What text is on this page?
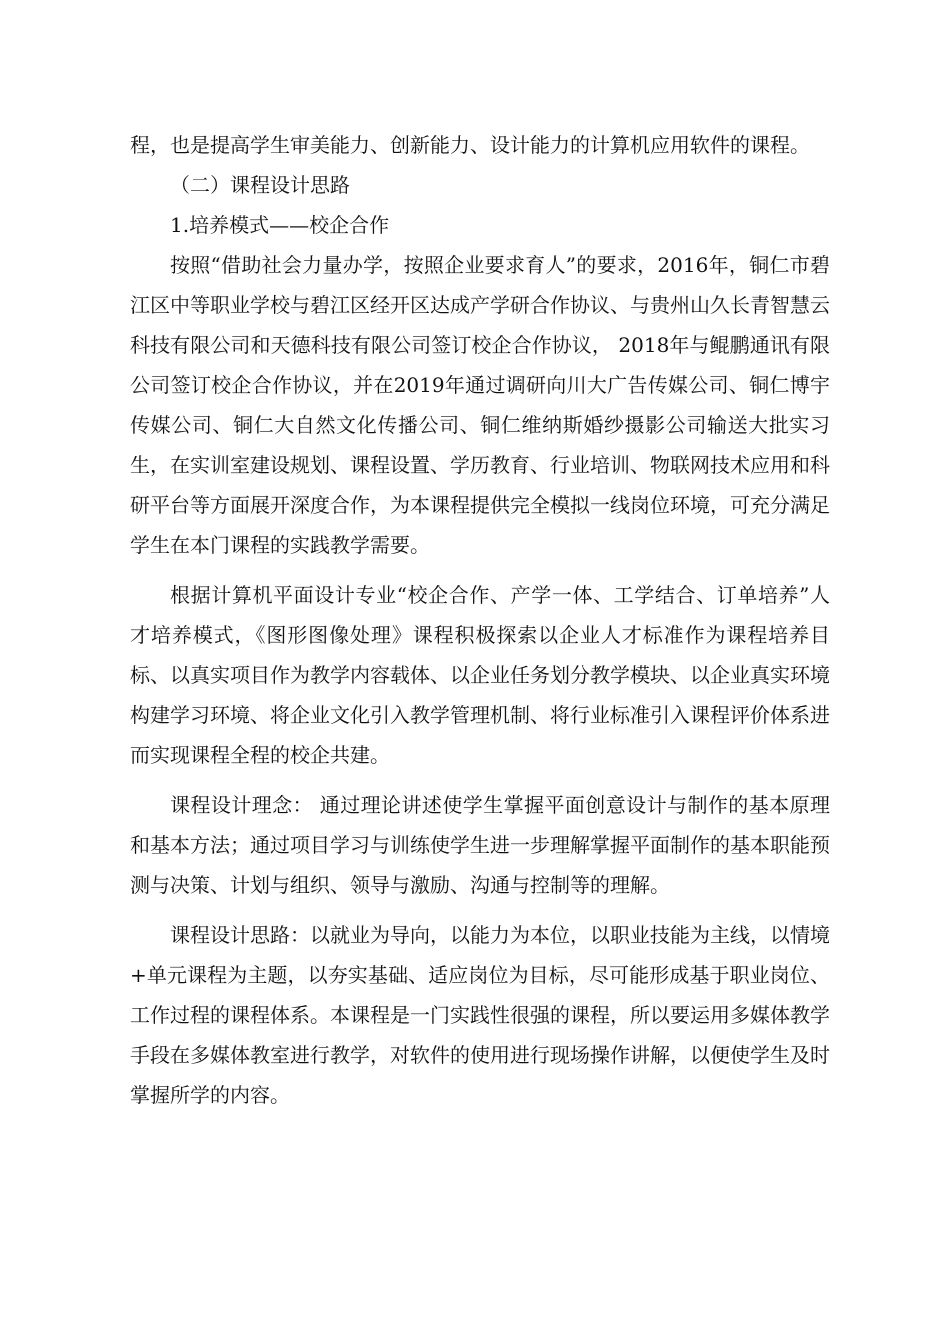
程，也是提高学生审美能力、创新能力、设计能力的计算机应用软件的课程。

（二）课程设计思路

1.培养模式——校企合作

按照“借助社会力量办学，按照企业要求育人”的要求，2016年，铜仁市碧江区中等职业学校与碧江区经开区达成产学研合作协议、与贵州山久长青智慧云科技有限公司和天德科技有限公司签订校企合作协议， 2018年与鲲鹏通讯有限公司签订校企合作协议，并在2019年通过调研向川大广告传媒公司、铜仁博宇传媒公司、铜仁大自然文化传播公司、铜仁维纳斯婚纱摄影公司输送大批实习生，在实训室建设规划、课程设置、学历教育、行业培训、物联网技术应用和科研平台等方面展开深度合作，为本课程提供完全模拟一线岗位环境，可充分满足学生在本门课程的实践教学需要。

根据计算机平面设计专业“校企合作、产学一体、工学结合、订单培养”人才培养模式，《图形图像处理》课程积极探索以企业人才标准作为课程培养目标、以真实项目作为教学内容载体、以企业任务划分教学模块、以企业真实环境构建学习环境、将企业文化引入教学管理机制、将行业标准引入课程评价体系进而实现课程全程的校企共建。

课程设计理念： 通过理论讲述使学生掌握平面创意设计与制作的基本原理和基本方法；通过项目学习与训练使学生进一步理解掌握平面制作的基本职能预测与决策、计划与组织、领导与激励、沟通与控制等的理解。

课程设计思路：以就业为导向，以能力为本位，以职业技能为主线，以情境+单元课程为主题，以夯实基础、适应岗位为目标，尽可能形成基于职业岗位、工作过程的课程体系。本课程是一门实践性很强的课程，所以要运用多媒体教学手段在多媒体教室进行教学，对软件的使用进行现场操作讲解，以便使学生及时掌握所学的内容。
